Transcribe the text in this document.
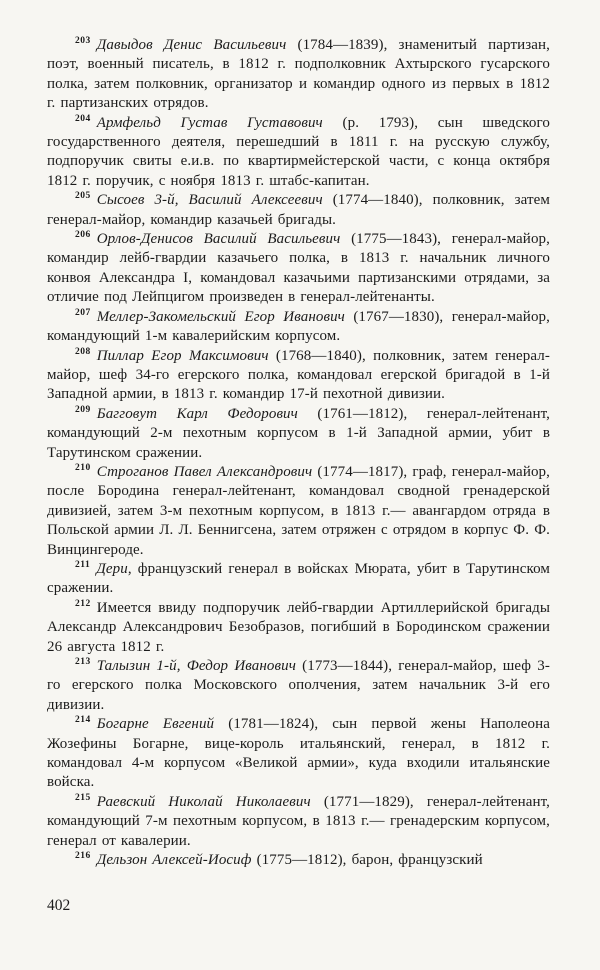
$^{203}$ Давыдов Денис Васильевич (1784—1839), знаменитый партизан, поэт, военный писатель, в 1812 г. подполковник Ахтырского гусарского полка, затем полковник, организатор и командир одного из первых в 1812 г. партизанских отрядов.

$^{204}$ Армфельд Густав Густавович (р. 1793), сын шведского государственного деятеля, перешедший в 1811 г. на русскую службу, подпоручик свиты е.и.в. по квартирмейстерской части, с конца октября 1812 г. поручик, с ноября 1813 г. штабс-капитан.

$^{205}$ Сысоев 3-й, Василий Алексеевич (1774—1840), полковник, затем генерал-майор, командир казачьей бригады.

$^{206}$ Орлов-Денисов Василий Васильевич (1775—1843), генерал-майор, командир лейб-гвардии казачьего полка, в 1813 г. начальник личного конвоя Александра I, командовал казачьими партизанскими отрядами, за отличие под Лейпцигом произведен в генерал-лейтенанты.

$^{207}$ Меллер-Закомельский Егор Иванович (1767—1830), генерал-майор, командующий 1-м кавалерийским корпусом.

$^{208}$ Пиллар Егор Максимович (1768—1840), полковник, затем генерал-майор, шеф 34-го егерского полка, командовал егерской бригадой в 1-й Западной армии, в 1813 г. командир 17-й пехотной дивизии.

$^{209}$ Багговут Карл Федорович (1761—1812), генерал-лейтенант, командующий 2-м пехотным корпусом в 1-й Западной армии, убит в Тарутинском сражении.

$^{210}$ Строганов Павел Александрович (1774—1817), граф, генерал-майор, после Бородина генерал-лейтенант, командовал сводной гренадерской дивизией, затем 3-м пехотным корпусом, в 1813 г.— авангардом отряда в Польской армии Л. Л. Беннигсена, затем отряжен с отрядом в корпус Ф. Ф. Винцингероде.

$^{211}$ Дери, французский генерал в войсках Мюрата, убит в Тарутинском сражении.

$^{212}$ Имеется ввиду подпоручик лейб-гвардии Артиллерийской бригады Александр Александрович Безобразов, погибший в Бородинском сражении 26 августа 1812 г.

$^{213}$ Талызин 1-й, Федор Иванович (1773—1844), генерал-майор, шеф 3-го егерского полка Московского ополчения, затем начальник 3-й его дивизии.

$^{214}$ Богарне Евгений (1781—1824), сын первой жены Наполеона Жозефины Богарне, вице-король итальянский, генерал, в 1812 г. командовал 4-м корпусом «Великой армии», куда входили итальянские войска.

$^{215}$ Раевский Николай Николаевич (1771—1829), генерал-лейтенант, командующий 7-м пехотным корпусом, в 1813 г.— гренадерским корпусом, генерал от кавалерии.

$^{216}$ Дельзон Алексей-Иосиф (1775—1812), барон, французский

402
